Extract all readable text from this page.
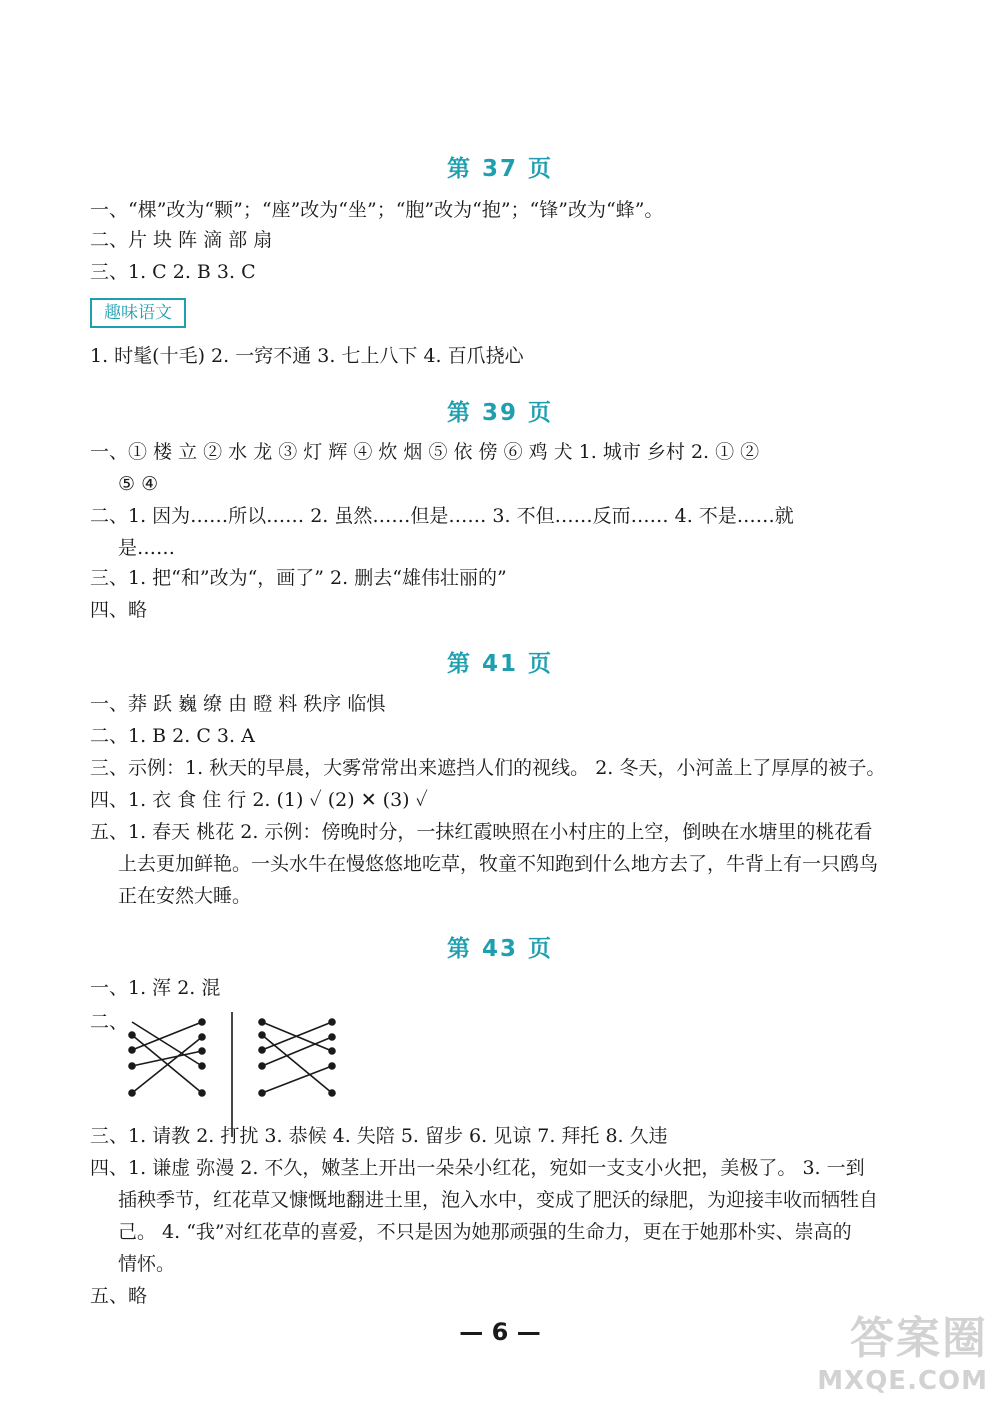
第 37 页
一、“棵”改为“颗”；“座”改为“坐”；“胞”改为“抱”；“锋”改为“蜂”。
二、片 块 阵 滴 部 扇
三、1. C 2. B 3. C
趣味语文
1. 时髦(十毛) 2. 一窍不通 3. 七上八下 4. 百爪挠心
第 39 页
一、① 楼 立 ② 水 龙 ③ 灯 辉 ④ 炊 烟 ⑤ 依 傍 ⑥ 鸡 犬 1. 城市 乡村 2. ① ②
⑤ ④
二、1. 因为……所以…… 2. 虽然……但是…… 3. 不但……反而…… 4. 不是……就
是……
三、1. 把“和”改为“，画了” 2. 删去“雄伟壮丽的”
四、略
第 41 页
一、莽 跃 巍 缭 由 瞪 料 秩序 临惧
二、1. B 2. C 3. A
三、示例：1. 秋天的早晨，大雾常常出来遮挡人们的视线。 2. 冬天，小河盖上了厚厚的被子。
四、1. 衣 食 住 行 2. (1) ✓ (2) ✕ (3) ✓
五、1. 春天 桃花 2. 示例：傍晚时分，一抹红霞映照在小村庄的上空，倒映在水塘里的桃花看
上去更加鲜艳。一头水牛在慢悠悠地吃草，牧童不知跑到什么地方去了，牛背上有一只鸥鸟
正在安然大睡。
第 43 页
一、1. 浑 2. 混
二、
三、1. 请教 2. 打扰 3. 恭候 4. 失陪 5. 留步 6. 见谅 7. 拜托 8. 久违
四、1. 谦虚 弥漫 2. 不久，嫩茎上开出一朵朵小红花，宛如一支支小火把，美极了。 3. 一到
插秧季节，红花草又慷慨地翻进土里，泡入水中，变成了肥沃的绿肥，为迎接丰收而牺牲自
己。 4. “我”对红花草的喜爱，不只是因为她那顽强的生命力，更在于她那朴实、崇高的
情怀。
五、略
— 6 —	答案圈
MXQE.COM
